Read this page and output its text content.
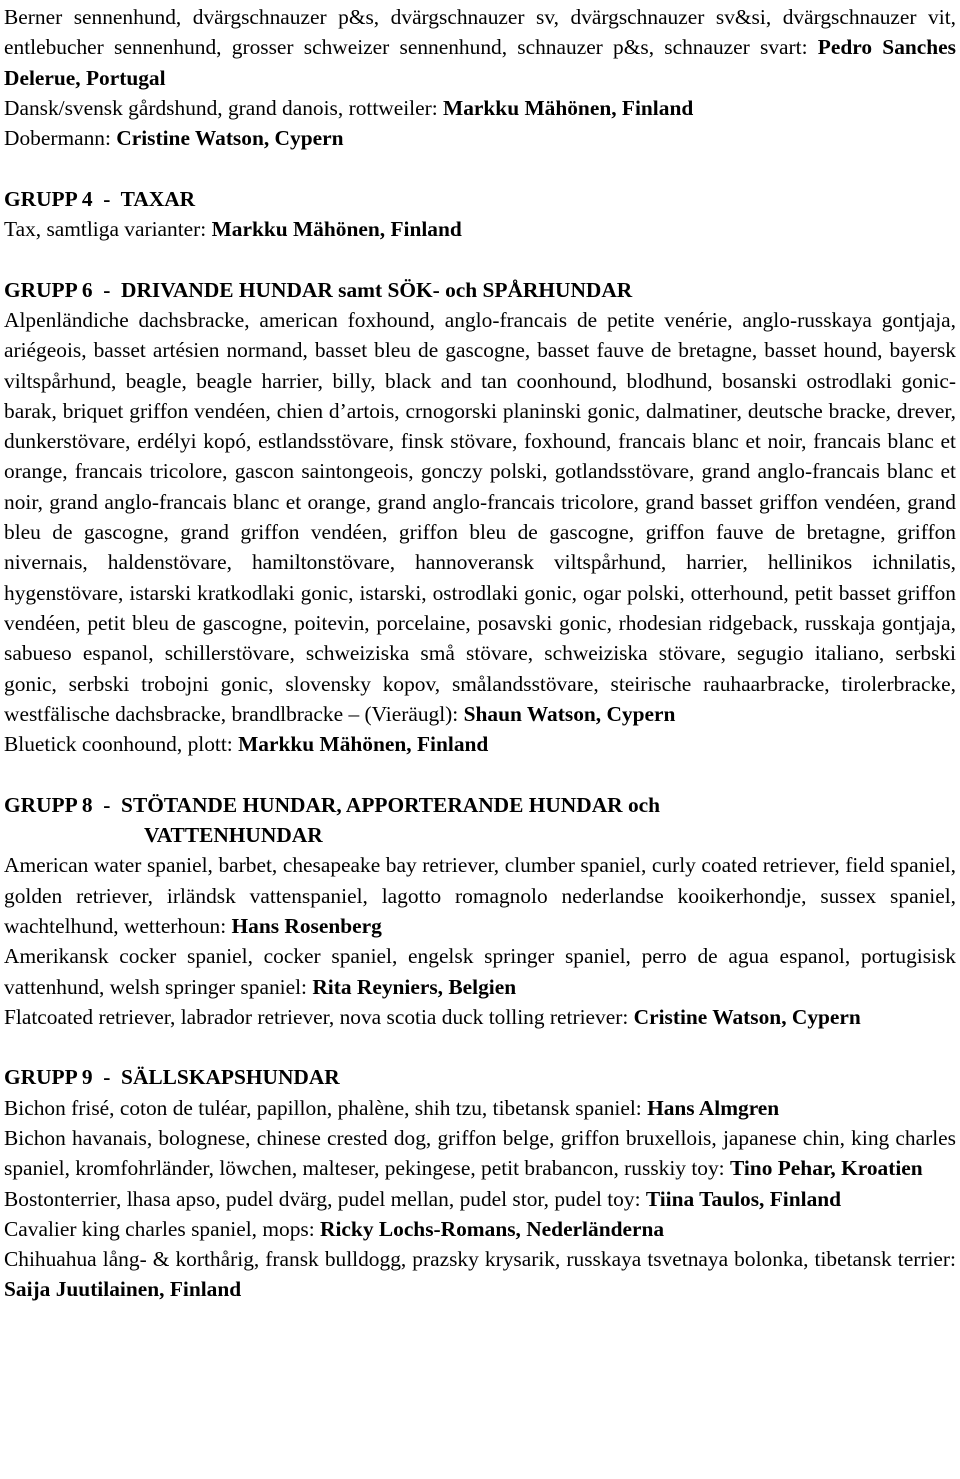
Berner sennenhund, dvärgschnauzer p&s, dvärgschnauzer sv, dvärgschnauzer sv&si, dvärgschnauzer vit, entlebucher sennenhund, grosser schweizer sennenhund, schnauzer p&s, schnauzer svart: Pedro Sanches Delerue, Portugal

Dansk/svensk gårdshund, grand danois, rottweiler: Markku Mähönen, Finland

Dobermann: Cristine Watson, Cypern

GRUPP 4  -  TAXAR

Tax, samtliga varianter: Markku Mähönen, Finland

GRUPP 6  -  DRIVANDE HUNDAR samt SÖK- och SPÅRHUNDAR

Alpenländiche dachsbracke, american foxhound, anglo-francais de petite venérie, anglo-russkaya gontjaja, ariégeois, basset artésien normand, basset bleu de gascogne, basset fauve de bretagne, basset hound, bayersk viltspårhund, beagle, beagle harrier, billy, black and tan coonhound, blodhund, bosanski ostrodlaki gonic-barak, briquet griffon vendéen, chien d’artois, crnogorski planinski gonic, dalmatiner, deutsche bracke, drever, dunkerstövare, erdélyi kopó, estlandsstövare, finsk stövare, foxhound, francais blanc et noir, francais blanc et orange, francais tricolore, gascon saintongeois, gonczy polski, gotlandsstövare, grand anglo-francais blanc et noir, grand anglo-francais blanc et orange, grand anglo-francais tricolore, grand basset griffon vendéen, grand bleu de gascogne, grand griffon vendéen, griffon bleu de gascogne, griffon fauve de bretagne, griffon nivernais, haldenstövare, hamiltonstövare, hannoveransk viltspårhund, harrier, hellinikos ichnilatis, hygenstövare, istarski kratkodlaki gonic, istarski, ostrodlaki gonic, ogar polski, otterhound, petit basset griffon vendéen, petit bleu de gascogne, poitevin, porcelaine, posavski gonic, rhodesian ridgeback, russkaja gontjaja, sabueso espanol, schillerstövare, schweiziska små stövare, schweiziska stövare, segugio italiano, serbski gonic, serbski trobojni gonic, slovensky kopov, smålandsstövare, steirische rauhaarbracke, tirolerbracke, westfälische dachsbracke, brandlbracke – (Vieräugl): Shaun Watson, Cypern

Bluetick coonhound, plott: Markku Mähönen, Finland

GRUPP 8  -  STÖTANDE HUNDAR, APPORTERANDE HUNDAR och

VATTENHUNDAR

American water spaniel, barbet, chesapeake bay retriever, clumber spaniel, curly coated retriever, field spaniel, golden retriever, irländsk vattenspaniel, lagotto romagnolo nederlandse kooikerhondje, sussex spaniel, wachtelhund, wetterhoun: Hans Rosenberg

Amerikansk cocker spaniel, cocker spaniel, engelsk springer spaniel, perro de agua espanol, portugisisk vattenhund, welsh springer spaniel: Rita Reyniers, Belgien

Flatcoated retriever, labrador retriever, nova scotia duck tolling retriever: Cristine Watson, Cypern

GRUPP 9  -  SÄLLSKAPSHUNDAR

Bichon frisé, coton de tuléar, papillon, phalène, shih tzu, tibetansk spaniel: Hans Almgren

Bichon havanais, bolognese, chinese crested dog, griffon belge, griffon bruxellois, japanese chin, king charles spaniel, kromfohrländer, löwchen, malteser, pekingese, petit brabancon, russkiy toy: Tino Pehar, Kroatien

Bostonterrier, lhasa apso, pudel dvärg, pudel mellan, pudel stor, pudel toy: Tiina Taulos, Finland

Cavalier king charles spaniel, mops: Ricky Lochs-Romans, Nederländerna

Chihuahua lång- & korthårig, fransk bulldogg, prazsky krysarik, russkaya tsvetnaya bolonka, tibetansk terrier: Saija Juutilainen, Finland
